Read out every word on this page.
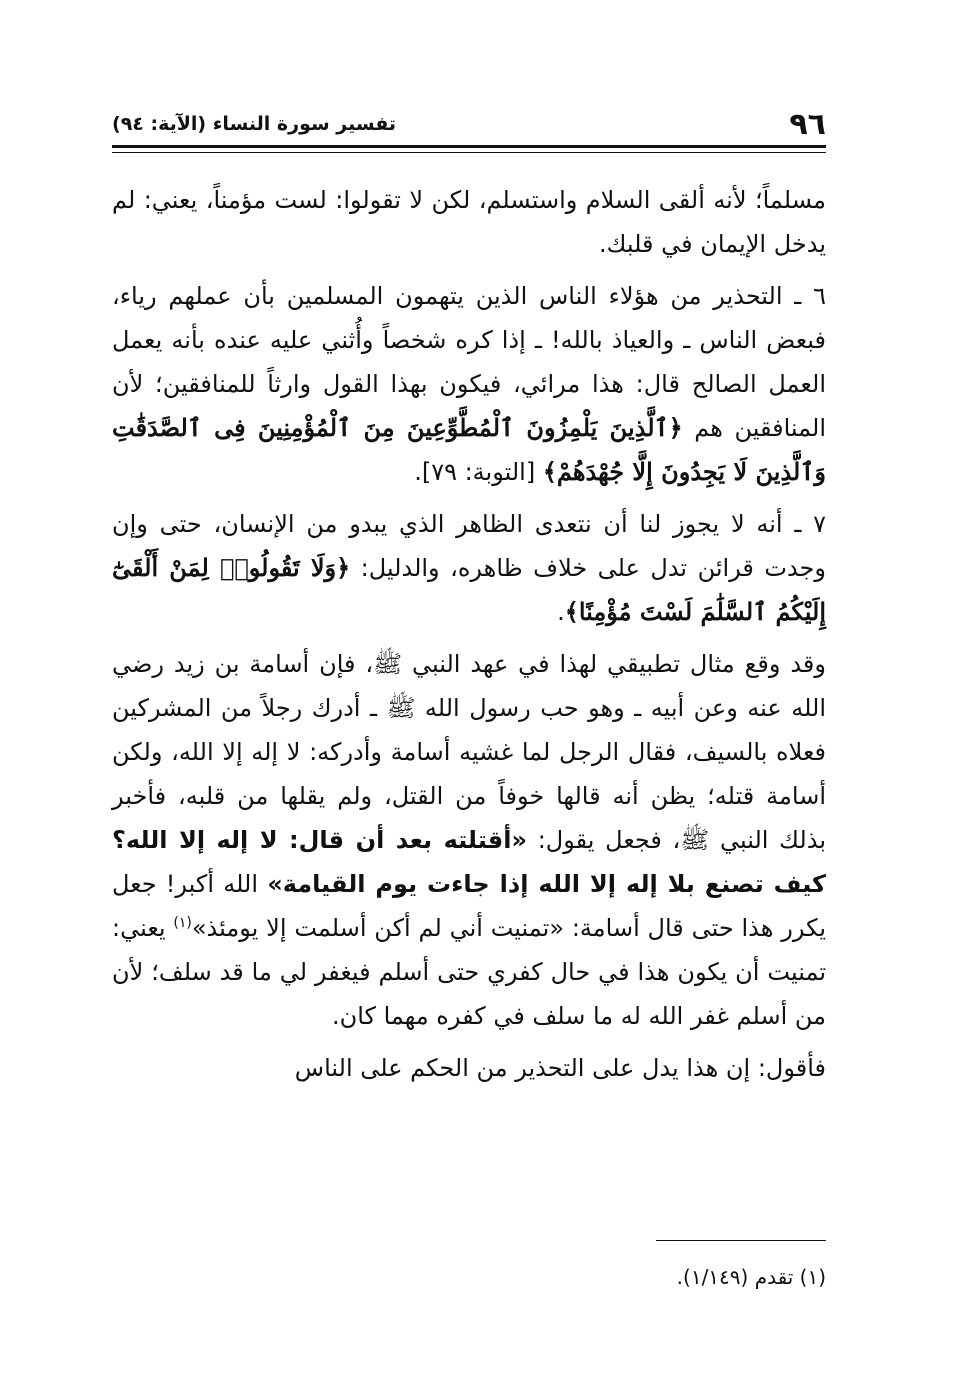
٩٦
تفسير سورة النساء (الآية: ٩٤)

مسلماً؛ لأنه ألقى السلام واستسلم، لكن لا تقولوا: لست مؤمناً، يعني: لم يدخل الإيمان في قلبك.

٦ ـ التحذير من هؤلاء الناس الذين يتهمون المسلمين بأن عملهم رياء، فبعض الناس ـ والعياذ بالله! ـ إذا كره شخصاً وأُثني عليه عنده بأنه يعمل العمل الصالح قال: هذا مرائي، فيكون بهذا القول وارثاً للمنافقين؛ لأن المنافقين هم ﴿ٱلَّذِينَ يَلْمِزُونَ ٱلْمُطَّوِّعِينَ مِنَ ٱلْمُؤْمِنِينَ فِى ٱلصَّدَقَٰتِ وَٱلَّذِينَ لَا يَجِدُونَ إِلَّا جُهْدَهُمْ﴾ [التوبة: ٧٩].

٧ ـ أنه لا يجوز لنا أن نتعدى الظاهر الذي يبدو من الإنسان، حتى وإن وجدت قرائن تدل على خلاف ظاهره، والدليل: ﴿وَلَا تَقُولُوا۟ لِمَنْ أَلْقَىٰٓ إِلَيْكُمُ ٱلسَّلَٰمَ لَسْتَ مُؤْمِنًا﴾.

وقد وقع مثال تطبيقي لهذا في عهد النبي ﷺ، فإن أسامة بن زيد رضي الله عنه وعن أبيه ـ وهو حب رسول الله ﷺ ـ أدرك رجلاً من المشركين فعلاه بالسيف، فقال الرجل لما غشيه أسامة وأدركه: لا إله إلا الله، ولكن أسامة قتله؛ يظن أنه قالها خوفاً من القتل، ولم يقلها من قلبه، فأخبر بذلك النبي ﷺ، فجعل يقول: «أقتلته بعد أن قال: لا إله إلا الله؟ كيف تصنع بلا إله إلا الله إذا جاءت يوم القيامة» الله أكبر! جعل يكرر هذا حتى قال أسامة: «تمنيت أني لم أكن أسلمت إلا يومئذ»$^{(١)}$ يعني: تمنيت أن يكون هذا في حال كفري حتى أسلم فيغفر لي ما قد سلف؛ لأن من أسلم غفر الله له ما سلف في كفره مهما كان.

فأقول: إن هذا يدل على التحذير من الحكم على الناس

(١) تقدم (١/١٤٩).
